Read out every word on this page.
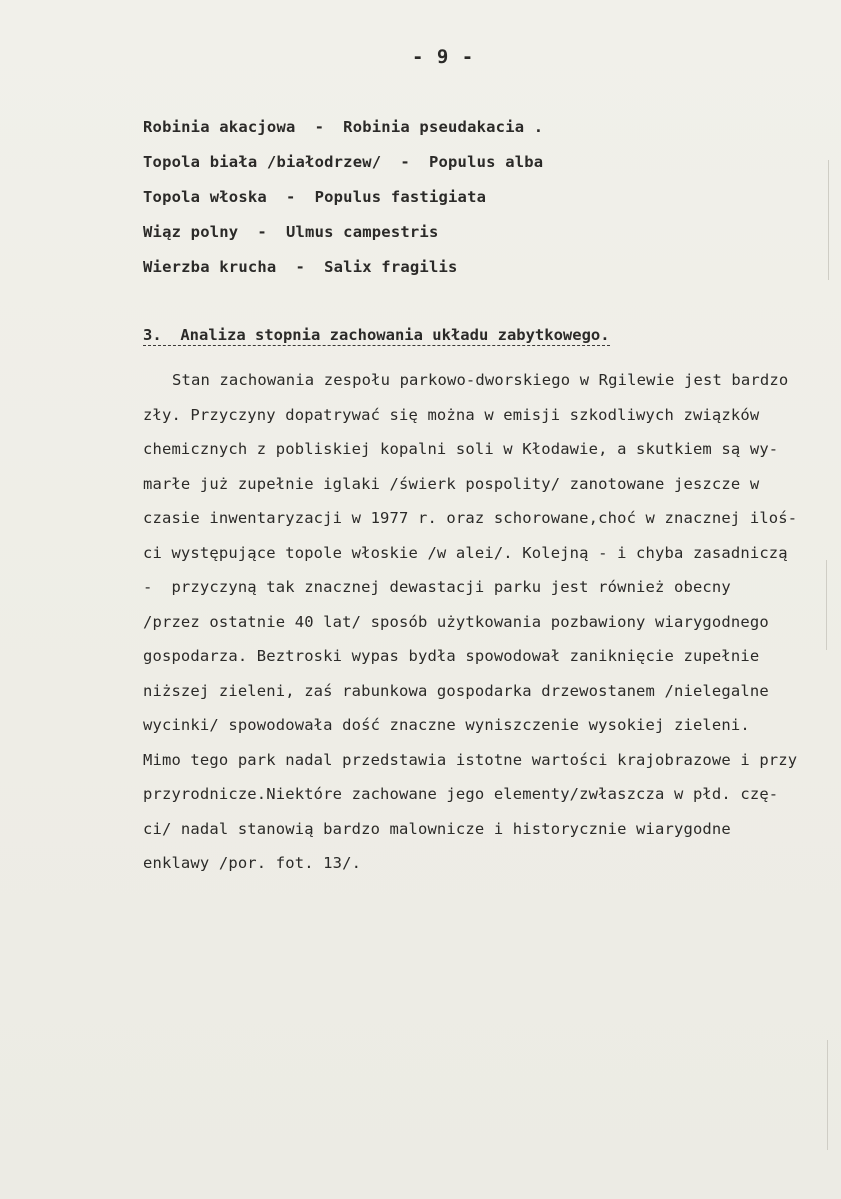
- 9 -
Robinia akacjowa  -  Robinia pseudakacia .
Topola biała /białodrzew/  -  Populus alba
Topola włoska  -  Populus fastigiata
Wiąz polny  -  Ulmus campestris
Wierzba krucha  -  Salix fragilis
3.  Analiza stopnia zachowania układu zabytkowego.
Stan zachowania zespołu parkowo-dworskiego w Rgilewie jest bardzo
zły. Przyczyny dopatrywać się można w emisji szkodliwych związków
chemicznych z pobliskiej kopalni soli w Kłodawie, a skutkiem są wy-
marłe już zupełnie iglaki /świerk pospolity/ zanotowane jeszcze w
czasie inwentaryzacji w 1977 r. oraz schorowane,choć w znacznej iloś-
ci występujące topole włoskie /w alei/. Kolejną - i chyba zasadniczą
-  przyczyną tak znacznej dewastacji parku jest również obecny
/przez ostatnie 40 lat/ sposób użytkowania pozbawiony wiarygodnego
gospodarza. Beztroski wypas bydła spowodował zaniknięcie zupełnie
niższej zieleni, zaś rabunkowa gospodarka drzewostanem /nielegalne
wycinki/ spowodowała dość znaczne wyniszczenie wysokiej zieleni.
Mimo tego park nadal przedstawia istotne wartości krajobrazowe i przy
przyrodnicze.Niektóre zachowane jego elementy/zwłaszcza w płd. czę-
ci/ nadal stanowią bardzo malownicze i historycznie wiarygodne
enklawy /por. fot. 13/.
